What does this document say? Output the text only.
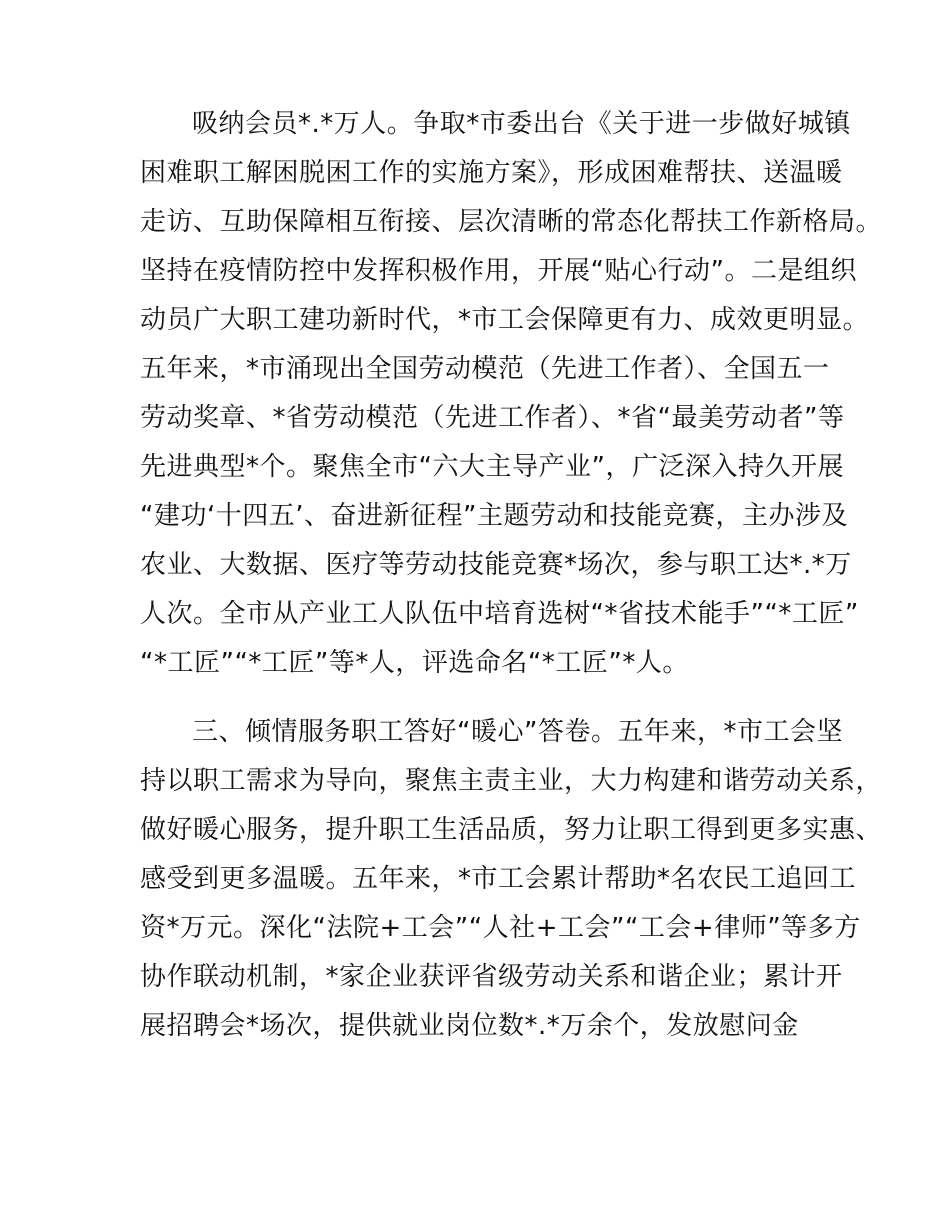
吸纳会员*.*万人。争取*市委出台《关于进一步做好城镇
困难职工解困脱困工作的实施方案》，形成困难帮扶、送温暖
走访、互助保障相互衔接、层次清晰的常态化帮扶工作新格局。
坚持在疫情防控中发挥积极作用，开展“贴心行动”。二是组织
动员广大职工建功新时代，*市工会保障更有力、成效更明显。
五年来，*市涌现出全国劳动模范（先进工作者）、全国五一
劳动奖章、*省劳动模范（先进工作者）、*省“最美劳动者”等
先进典型*个。聚焦全市“六大主导产业”，广泛深入持久开展
“建功‘十四五’、奋进新征程”主题劳动和技能竞赛，主办涉及
农业、大数据、医疗等劳动技能竞赛*场次，参与职工达*.*万
人次。全市从产业工人队伍中培育选树“*省技术能手”“*工匠”
“*工匠”“*工匠”等*人，评选命名“*工匠”*人。
三、倾情服务职工答好“暖心”答卷。五年来，*市工会坚
持以职工需求为导向，聚焦主责主业，大力构建和谐劳动关系，
做好暖心服务，提升职工生活品质，努力让职工得到更多实惠、
感受到更多温暖。五年来，*市工会累计帮助*名农民工追回工
资*万元。深化“法院+工会”“人社+工会”“工会+律师”等多方
协作联动机制，*家企业获评省级劳动关系和谐企业；累计开
展招聘会*场次，提供就业岗位数*.*万余个，发放慰问金
